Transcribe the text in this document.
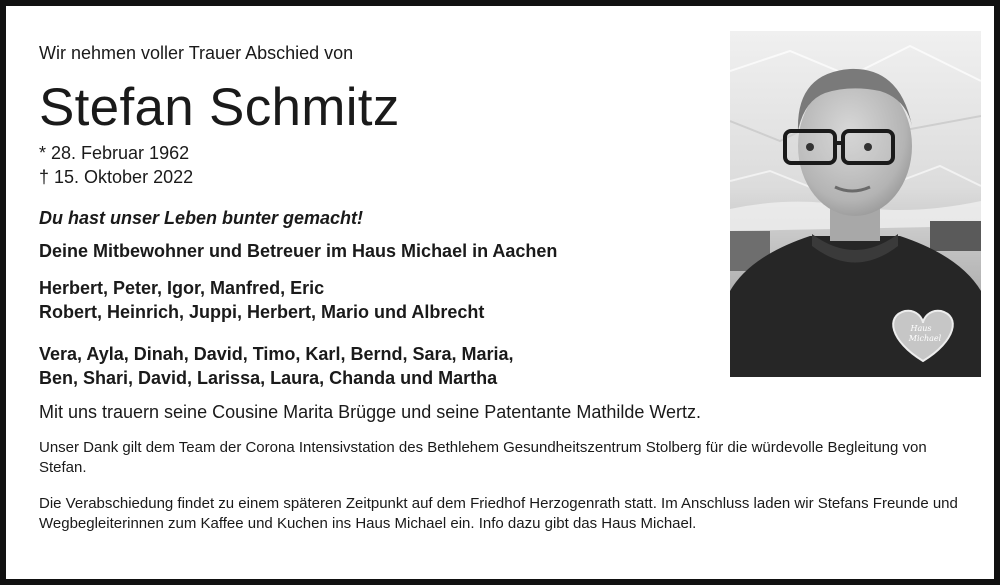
Wir nehmen voller Trauer Abschied von

Stefan Schmitz
* 28. Februar 1962
† 15. Oktober 2022

Du hast unser Leben bunter gemacht!

Deine Mitbewohner und Betreuer im Haus Michael in Aachen

Herbert, Peter, Igor, Manfred, Eric
Robert, Heinrich, Juppi, Herbert, Mario und Albrecht
Vera, Ayla, Dinah, David, Timo, Karl, Bernd, Sara, Maria,
Ben, Shari, David, Larissa, Laura, Chanda und Martha

Mit uns trauern seine Cousine Marita Brügge und seine Patentante Mathilde Wertz.

Unser Dank gilt dem Team der Corona Intensivstation des Bethlehem Gesundheitszentrum Stolberg für die würdevolle Begleitung von Stefan.

Die Verabschiedung findet zu einem späteren Zeitpunkt auf dem Friedhof Herzogenrath statt. Im Anschluss laden wir Stefans Freunde und Wegbegleiterinnen zum Kaffee und Kuchen ins Haus Michael ein. Info dazu gibt das Haus Michael.

Haus
Michael
